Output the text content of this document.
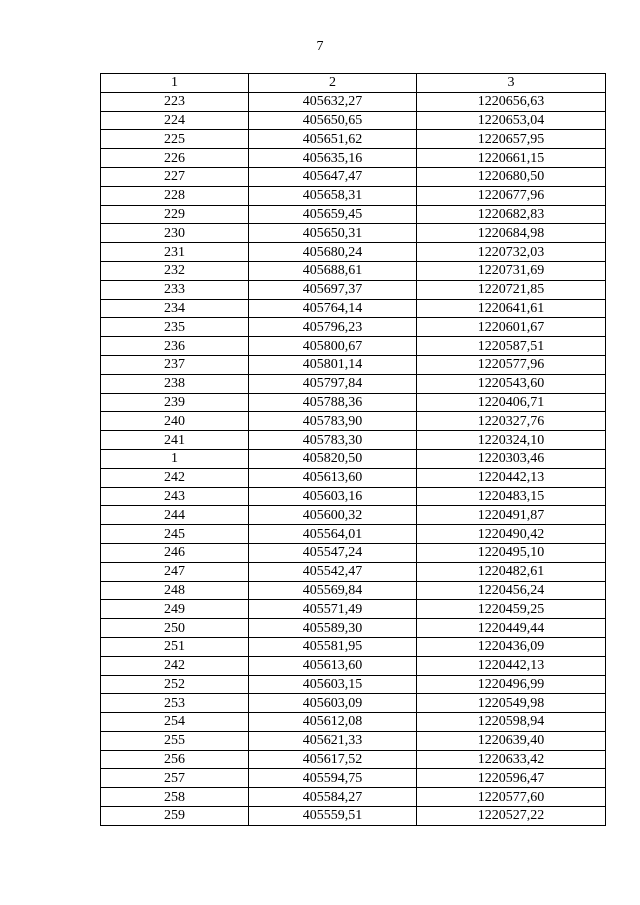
7
1	2	3
223	405632,27	1220656,63
224	405650,65	1220653,04
225	405651,62	1220657,95
226	405635,16	1220661,15
227	405647,47	1220680,50
228	405658,31	1220677,96
229	405659,45	1220682,83
230	405650,31	1220684,98
231	405680,24	1220732,03
232	405688,61	1220731,69
233	405697,37	1220721,85
234	405764,14	1220641,61
235	405796,23	1220601,67
236	405800,67	1220587,51
237	405801,14	1220577,96
238	405797,84	1220543,60
239	405788,36	1220406,71
240	405783,90	1220327,76
241	405783,30	1220324,10
1	405820,50	1220303,46
242	405613,60	1220442,13
243	405603,16	1220483,15
244	405600,32	1220491,87
245	405564,01	1220490,42
246	405547,24	1220495,10
247	405542,47	1220482,61
248	405569,84	1220456,24
249	405571,49	1220459,25
250	405589,30	1220449,44
251	405581,95	1220436,09
242	405613,60	1220442,13
252	405603,15	1220496,99
253	405603,09	1220549,98
254	405612,08	1220598,94
255	405621,33	1220639,40
256	405617,52	1220633,42
257	405594,75	1220596,47
258	405584,27	1220577,60
259	405559,51	1220527,22
